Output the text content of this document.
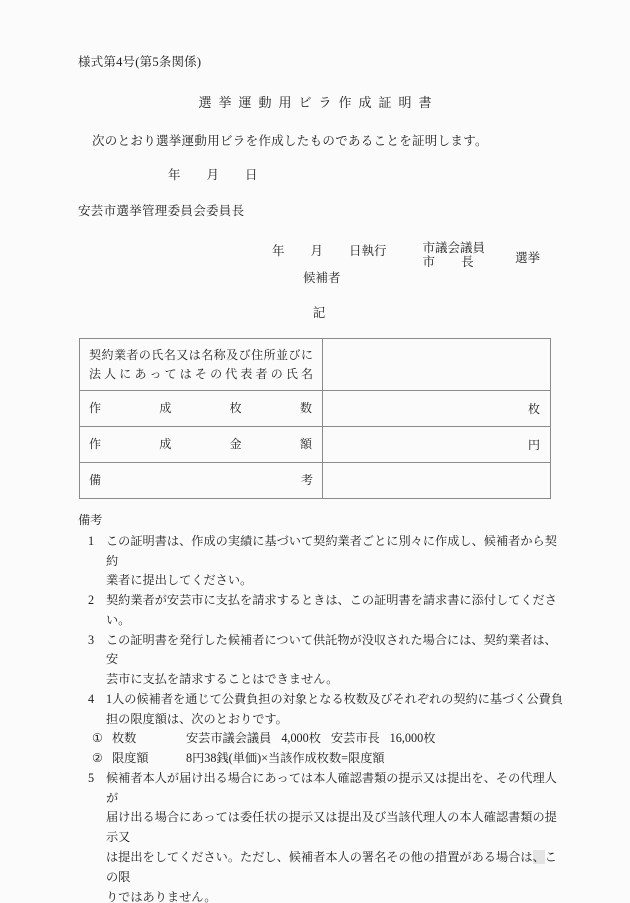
様式第4号(第5条関係)
選挙運動用ビラ作成証明書
次のとおり選挙運動用ビラを作成したものであることを証明します。
年 月 日
安芸市選挙管理委員会委員長
年 月 日執行	市議会議員
市 長	選挙
候補者
記
契約業者の氏名又は名称及び住所並びに
法人にあってはその代表者の氏名	

作成枚数	枚

作成金額	円

備考	

備考
1 この証明書は、作成の実績に基づいて契約業者ごとに別々に作成し、候補者から契約
業者に提出してください。
2 契約業者が安芸市に支払を請求するときは、この証明書を請求書に添付してください。
3 この証明書を発行した候補者について供託物が没収された場合には、契約業者は、安
芸市に支払を請求することはできません。
4 1人の候補者を通じて公費負担の対象となる枚数及びそれぞれの契約に基づく公費負
担の限度額は、次のとおりです。
① 枚数	安芸市議会議員 4,000枚 安芸市長 16,000枚
② 限度額	8円38銭(単価)×当該作成枚数=限度額
5 候補者本人が届け出る場合にあっては本人確認書類の提示又は提出を、その代理人が
届け出る場合にあっては委任状の提示又は提出及び当該代理人の本人確認書類の提示又
は提出をしてください。ただし、候補者本人の署名その他の措置がある場合は、この限
りではありません。
